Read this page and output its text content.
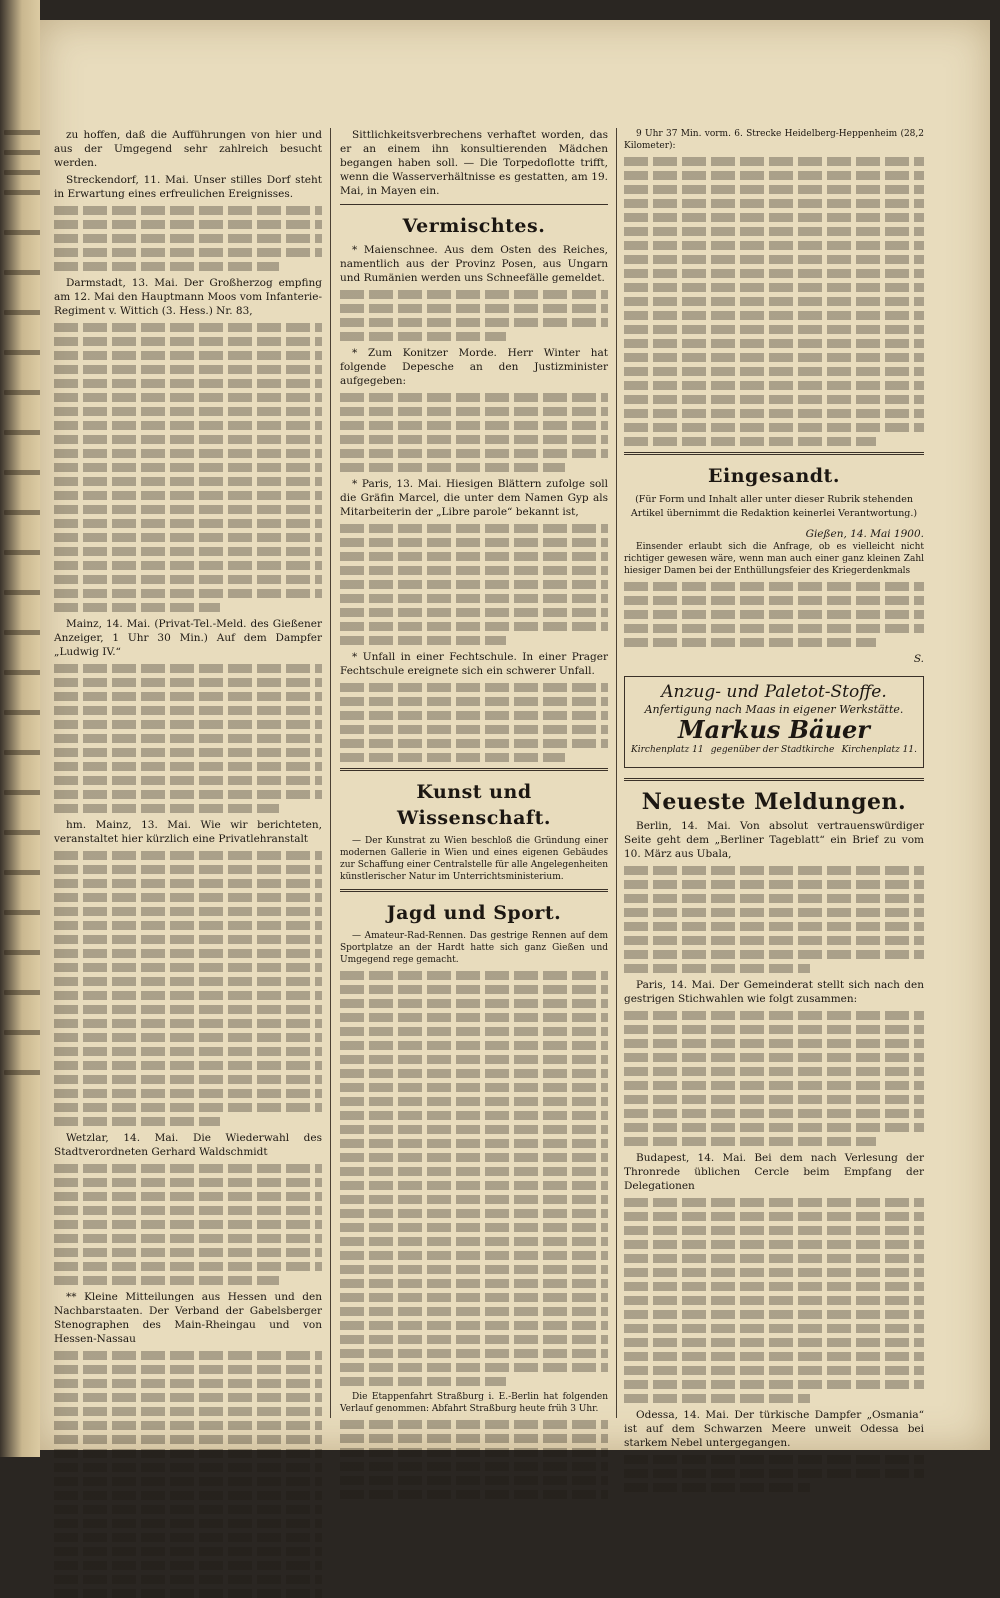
zu hoffen, daß die Aufführungen von hier und aus der Umgegend sehr zahlreich besucht werden.

Streckendorf, 11. Mai. Unser stilles Dorf steht in Erwartung eines erfreulichen Ereignisses.

Darmstadt, 13. Mai. Der Großherzog empfing am 12. Mai den Hauptmann Moos vom Infanterie-Regiment v. Wittich (3. Hess.) Nr. 83,

Mainz, 14. Mai. (Privat-Tel.-Meld. des Gießener Anzeiger, 1 Uhr 30 Min.) Auf dem Dampfer „Ludwig IV.“

hm. Mainz, 13. Mai. Wie wir berichteten, veranstaltet hier kürzlich eine Privatlehranstalt

Wetzlar, 14. Mai. Die Wiederwahl des Stadtverordneten Gerhard Waldschmidt

** Kleine Mitteilungen aus Hessen und den Nachbarstaaten. Der Verband der Gabelsberger Stenographen des Main-Rheingau und von Hessen-Nassau

Sittlichkeitsverbrechens verhaftet worden, das er an einem ihn konsultierenden Mädchen begangen haben soll. — Die Torpedoflotte trifft, wenn die Wasserverhältnisse es gestatten, am 19. Mai, in Mayen ein.

Vermischtes.

* Maienschnee. Aus dem Osten des Reiches, namentlich aus der Provinz Posen, aus Ungarn und Rumänien werden uns Schneefälle gemeldet.

* Zum Konitzer Morde. Herr Winter hat folgende Depesche an den Justizminister aufgegeben:

* Paris, 13. Mai. Hiesigen Blättern zufolge soll die Gräfin Marcel, die unter dem Namen Gyp als Mitarbeiterin der „Libre parole“ bekannt ist,

* Unfall in einer Fechtschule. In einer Prager Fechtschule ereignete sich ein schwerer Unfall.

Kunst und Wissenschaft.

— Der Kunstrat zu Wien beschloß die Gründung einer modernen Gallerie in Wien und eines eigenen Gebäudes zur Schaffung einer Centralstelle für alle Angelegenheiten künstlerischer Natur im Unterrichtsministerium.

Jagd und Sport.

— Amateur-Rad-Rennen. Das gestrige Rennen auf dem Sportplatze an der Hardt hatte sich ganz Gießen und Umgegend rege gemacht.

Die Etappenfahrt Straßburg i. E.-Berlin hat folgenden Verlauf genommen: Abfahrt Straßburg heute früh 3 Uhr.

9 Uhr 37 Min. vorm. 6. Strecke Heidelberg-Heppenheim (28,2 Kilometer):

Eingesandt.
(Für Form und Inhalt aller unter dieser Rubrik stehenden Artikel übernimmt die Redaktion keinerlei Verantwortung.)
Gießen, 14. Mai 1900.

Einsender erlaubt sich die Anfrage, ob es vielleicht nicht richtiger gewesen wäre, wenn man auch einer ganz kleinen Zahl hiesiger Damen bei der Enthüllungsfeier des Kriegerdenkmals

S.
Anzug- und Paletot-Stoffe.
Anfertigung nach Maas in eigener Werkstätte.
Markus Bäuer
Kirchenplatz 11 gegenüber der Stadtkirche Kirchenplatz 11.
Neueste Meldungen.

Berlin, 14. Mai. Von absolut vertrauenswürdiger Seite geht dem „Berliner Tageblatt“ ein Brief zu vom 10. März aus Ubala,

Paris, 14. Mai. Der Gemeinderat stellt sich nach den gestrigen Stichwahlen wie folgt zusammen:

Budapest, 14. Mai. Bei dem nach Verlesung der Thronrede üblichen Cercle beim Empfang der Delegationen

Odessa, 14. Mai. Der türkische Dampfer „Osmania“ ist auf dem Schwarzen Meere unweit Odessa bei starkem Nebel untergegangen.
